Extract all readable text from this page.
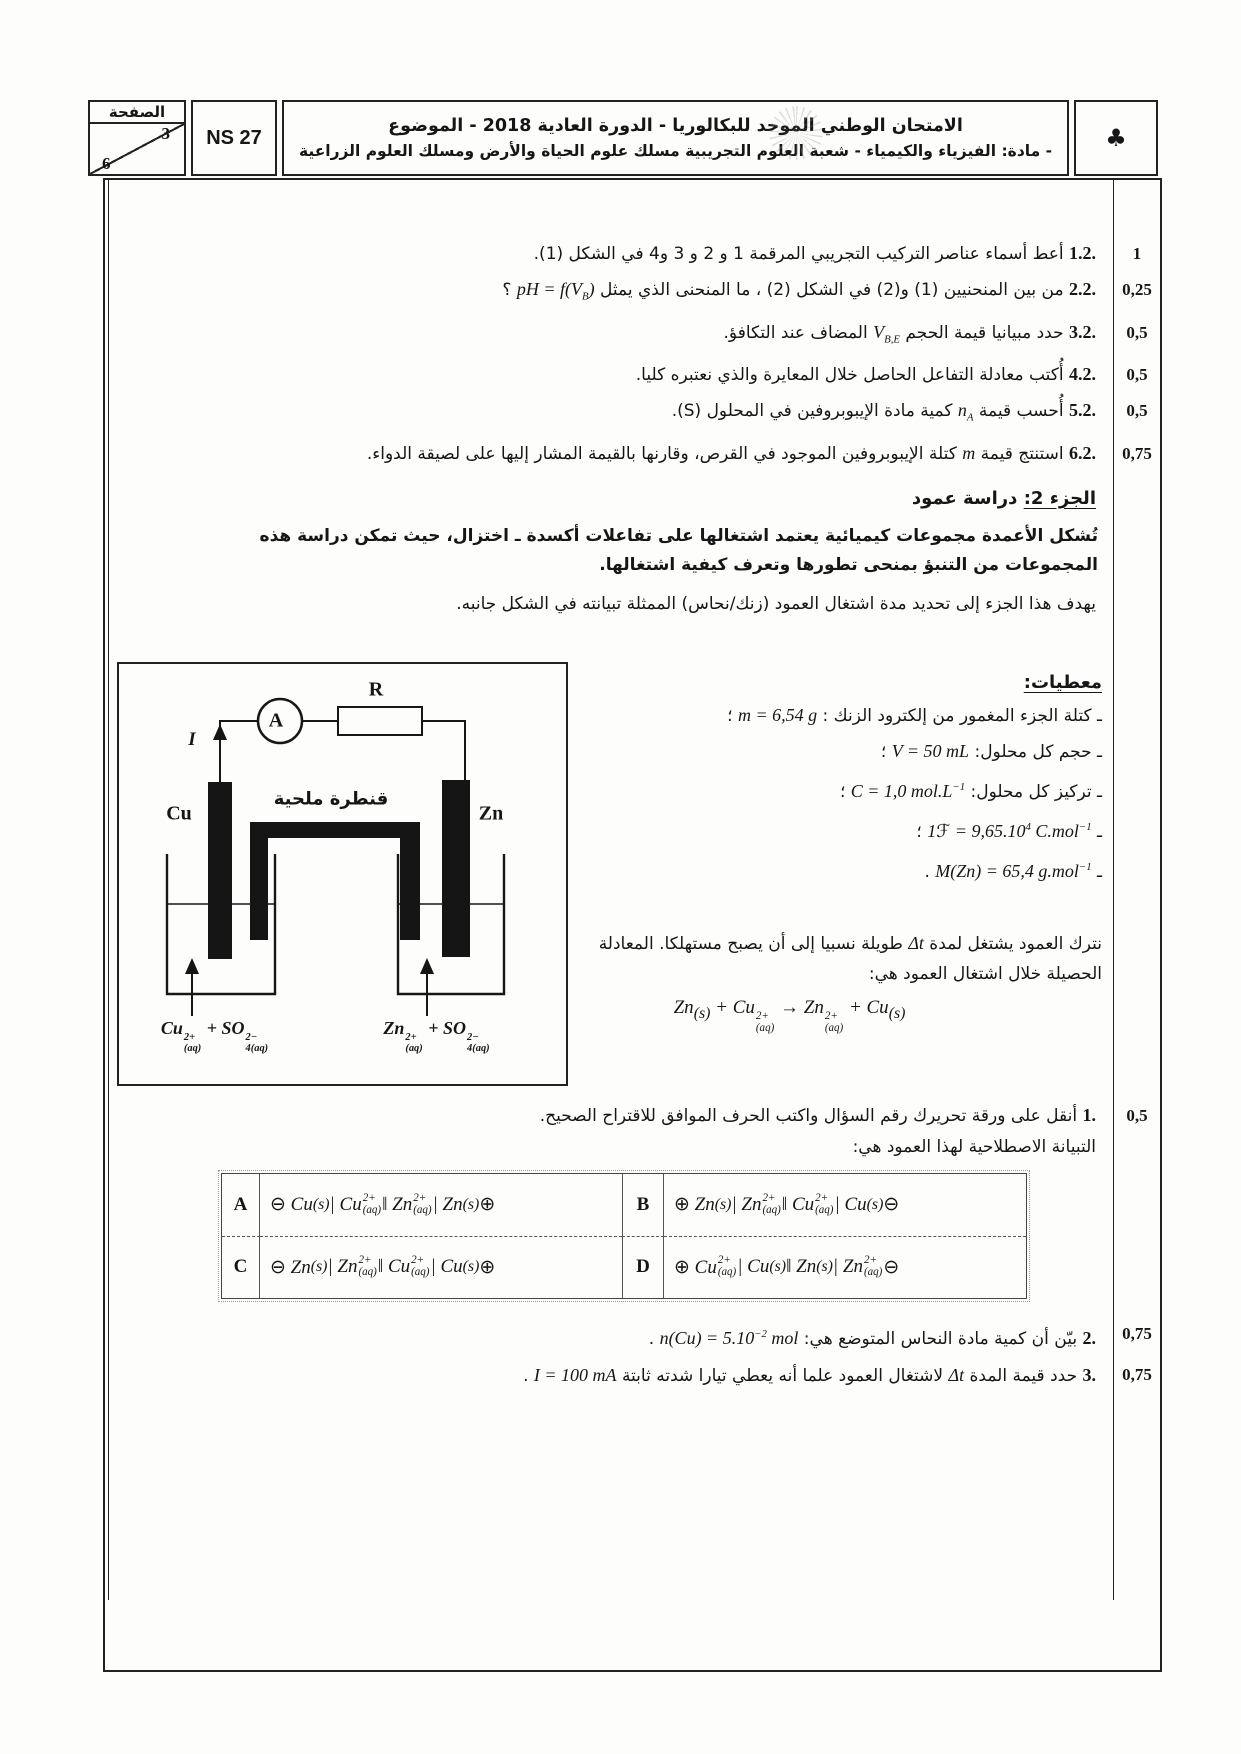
الصفحة
3
6
NS 27
الامتحان الوطني الموحد للبكالوريا - الدورة العادية 2018 - الموضوع
- مادة: الفيزياء والكيمياء - شعبة العلوم التجريبية مسلك علوم الحياة والأرض ومسلك العلوم الزراعية	♣
1
1.2. أعط أسماء عناصر التركيب التجريبي المرقمة 1 و 2 و 3 و4 في الشكل (1).
0,25
2.2. من بين المنحنيين (1) و(2) في الشكل (2) ، ما المنحنى الذي يمثل pH = $f(V_B)$ ؟
0,5
3.2. حدد مبيانيا قيمة الحجم $V_{B,E}$ المضاف عند التكافؤ.
0,5
4.2. أُكتب معادلة التفاعل الحاصل خلال المعايرة والذي نعتبره كليا.
0,5
5.2. أُحسب قيمة $n_A$ كمية مادة الإيبوبروفين في المحلول (S).
0,75
6.2. استنتج قيمة m كتلة الإيبوبروفين الموجود في القرص، وقارنها بالقيمة المشار إليها على لصيقة الدواء.
الجزء 2: دراسة عمود
تُشكل الأعمدة مجموعات كيميائية يعتمد اشتغالها على تفاعلات أكسدة ـ اختزال، حيث تمكن دراسة هذه المجموعات من التنبؤ بمنحى تطورها وتعرف كيفية اشتغالها.
يهدف هذا الجزء إلى تحديد مدة اشتغال العمود (زنك/نحاس) الممثلة تبيانته في الشكل جانبه.
A
R
I
Cu	Zn
قنطرة ملحية
Cu 2+
(aq)
+ SO 2−
4(aq)
Zn 2+
(aq)
+ SO 2−
4(aq)
معطيات:
ـ كتلة الجزء المغمور من إلكترود الزنك : m = 6,54 g ؛
ـ حجم كل محلول: V = 50 mL ؛
ـ تركيز كل محلول: C = 1,0 $mol.L^{-1}$ ؛
ـ 1ℱ = $9,65.10^4$ C.mol$^{-1}$ ؛
ـ M(Zn) = 65,4 g.mol$^{-1}$ .
نترك العمود يشتغل لمدة Δt طويلة نسبيا إلى أن يصبح مستهلكا. المعادلة الحصيلة خلال اشتغال العمود هي:
$Zn_{(s)} + Cu$ 2+
(aq)
→ Zn 2+
(aq)
+ $Cu_{(s)}$
0,5
1. أنقل على ورقة تحريرك رقم السؤال واكتب الحرف الموافق للاقتراح الصحيح.
التبيانة الاصطلاحية لهذا العمود هي:
A	⊖ Cu (s) | Cu 2+
(aq) ‖ Zn 2+
(aq) | Zn (s) ⊕	B	⊕ Zn (s) | Zn 2+
(aq) ‖ Cu 2+
(aq) | Cu (s) ⊖
C	⊖ Zn (s) | Zn 2+
(aq) ‖ Cu 2+
(aq) | Cu (s) ⊕	D	⊕ Cu 2+
(aq) | Cu (s) ‖ Zn (s) | Zn 2+
(aq) ⊖
0,75
2. بيّن أن كمية مادة النحاس المتوضع هي: $n(Cu) = 5.10^{-2}$ mol .
0,75
3. حدد قيمة المدة Δt لاشتغال العمود علما أنه يعطي تيارا شدته ثابتة I = 100 mA .
